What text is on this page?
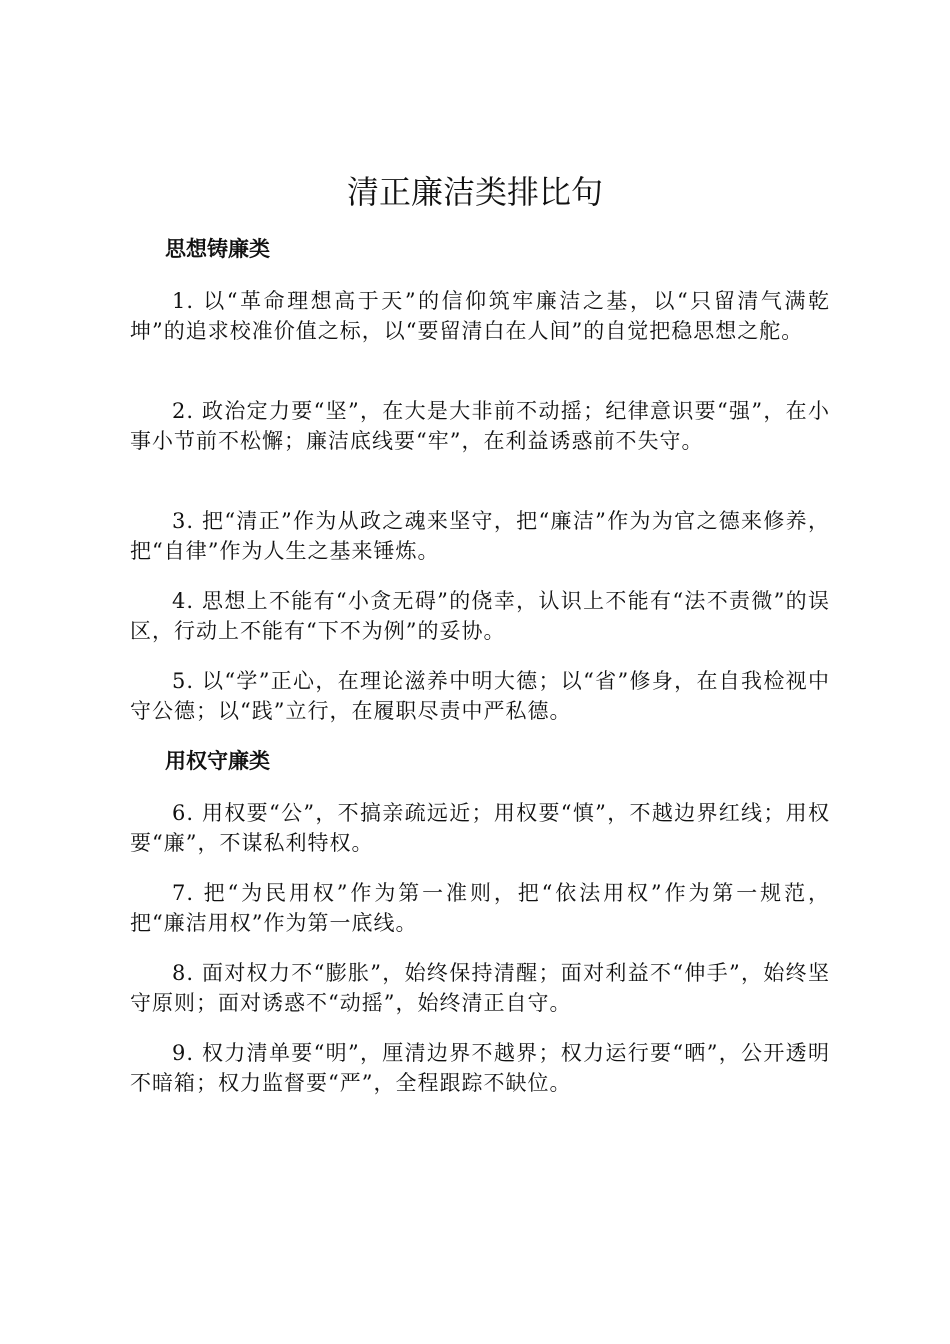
清正廉洁类排比句
思想铸廉类

1. 以“革命理想高于天”的信仰筑牢廉洁之基，以“只留清气满乾坤”的追求校准价值之标，以“要留清白在人间”的自觉把稳思想之舵。

2. 政治定力要“坚”，在大是大非前不动摇；纪律意识要“强”，在小事小节前不松懈；廉洁底线要“牢”，在利益诱惑前不失守。

3. 把“清正”作为从政之魂来坚守，把“廉洁”作为为官之德来修养，把“自律”作为人生之基来锤炼。

4. 思想上不能有“小贪无碍”的侥幸，认识上不能有“法不责微”的误区，行动上不能有“下不为例”的妥协。

5. 以“学”正心，在理论滋养中明大德；以“省”修身，在自我检视中守公德；以“践”立行，在履职尽责中严私德。

用权守廉类

6. 用权要“公”，不搞亲疏远近；用权要“慎”，不越边界红线；用权要“廉”，不谋私利特权。

7. 把“为民用权”作为第一准则，把“依法用权”作为第一规范，把“廉洁用权”作为第一底线。

8. 面对权力不“膨胀”，始终保持清醒；面对利益不“伸手”，始终坚守原则；面对诱惑不“动摇”，始终清正自守。

9. 权力清单要“明”，厘清边界不越界；权力运行要“晒”，公开透明不暗箱；权力监督要“严”，全程跟踪不缺位。
